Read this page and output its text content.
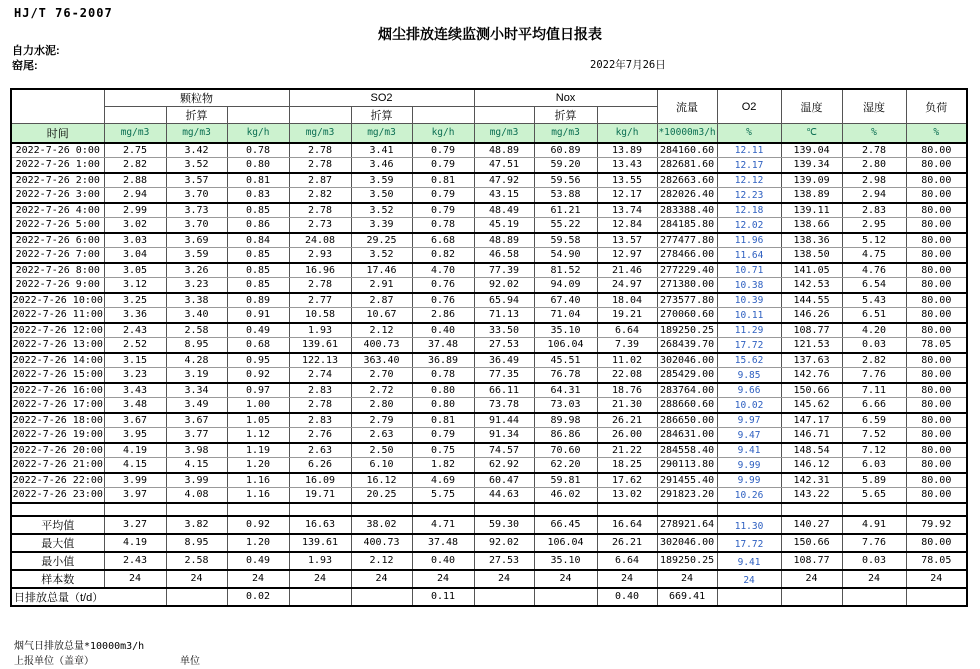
HJ/T 76-2007
烟尘排放连续监测小时平均值日报表
自力水泥:
窑尾:	2022年7月26日
	颗粒物			SO2			Nox			流量	O2	温度	湿度	负荷
		折算			折算			折算						
时间	mg/m3	mg/m3	kg/h	mg/m3	mg/m3	kg/h	mg/m3	mg/m3	kg/h	*10000m3/h	%	℃	%	%
2022-7-26 0:00	2.75	3.42	0.78	2.78	3.41	0.79	48.89	60.89	13.89	284160.60	12.11	139.04	2.78	80.00
2022-7-26 1:00	2.82	3.52	0.80	2.78	3.46	0.79	47.51	59.20	13.43	282681.60	12.17	139.34	2.80	80.00
2022-7-26 2:00	2.88	3.57	0.81	2.87	3.59	0.81	47.92	59.56	13.55	282663.60	12.12	139.09	2.98	80.00
2022-7-26 3:00	2.94	3.70	0.83	2.82	3.50	0.79	43.15	53.88	12.17	282026.40	12.23	138.89	2.94	80.00
2022-7-26 4:00	2.99	3.73	0.85	2.78	3.52	0.79	48.49	61.21	13.74	283388.40	12.18	139.11	2.83	80.00
2022-7-26 5:00	3.02	3.70	0.86	2.73	3.39	0.78	45.19	55.22	12.84	284185.80	12.02	138.66	2.95	80.00
2022-7-26 6:00	3.03	3.69	0.84	24.08	29.25	6.68	48.89	59.58	13.57	277477.80	11.96	138.36	5.12	80.00
2022-7-26 7:00	3.04	3.59	0.85	2.93	3.52	0.82	46.58	54.90	12.97	278466.00	11.64	138.50	4.75	80.00
2022-7-26 8:00	3.05	3.26	0.85	16.96	17.46	4.70	77.39	81.52	21.46	277229.40	10.71	141.05	4.76	80.00
2022-7-26 9:00	3.12	3.23	0.85	2.78	2.91	0.76	92.02	94.09	24.97	271380.00	10.38	142.53	6.54	80.00
2022-7-26 10:00	3.25	3.38	0.89	2.77	2.87	0.76	65.94	67.40	18.04	273577.80	10.39	144.55	5.43	80.00
2022-7-26 11:00	3.36	3.40	0.91	10.58	10.67	2.86	71.13	71.04	19.21	270060.60	10.11	146.26	6.51	80.00
2022-7-26 12:00	2.43	2.58	0.49	1.93	2.12	0.40	33.50	35.10	6.64	189250.25	11.29	108.77	4.20	80.00
2022-7-26 13:00	2.52	8.95	0.68	139.61	400.73	37.48	27.53	106.04	7.39	268439.70	17.72	121.53	0.03	78.05
2022-7-26 14:00	3.15	4.28	0.95	122.13	363.40	36.89	36.49	45.51	11.02	302046.00	15.62	137.63	2.82	80.00
2022-7-26 15:00	3.23	3.19	0.92	2.74	2.70	0.78	77.35	76.78	22.08	285429.00	9.85	142.76	7.76	80.00
2022-7-26 16:00	3.43	3.34	0.97	2.83	2.72	0.80	66.11	64.31	18.76	283764.00	9.66	150.66	7.11	80.00
2022-7-26 17:00	3.48	3.49	1.00	2.78	2.80	0.80	73.78	73.03	21.30	288660.60	10.02	145.62	6.66	80.00
2022-7-26 18:00	3.67	3.67	1.05	2.83	2.79	0.81	91.44	89.98	26.21	286650.00	9.97	147.17	6.59	80.00
2022-7-26 19:00	3.95	3.77	1.12	2.76	2.63	0.79	91.34	86.86	26.00	284631.00	9.47	146.71	7.52	80.00
2022-7-26 20:00	4.19	3.98	1.19	2.63	2.50	0.75	74.57	70.60	21.22	284558.40	9.41	148.54	7.12	80.00
2022-7-26 21:00	4.15	4.15	1.20	6.26	6.10	1.82	62.92	62.20	18.25	290113.80	9.99	146.12	6.03	80.00
2022-7-26 22:00	3.99	3.99	1.16	16.09	16.12	4.69	60.47	59.81	17.62	291455.40	9.99	142.31	5.89	80.00
2022-7-26 23:00	3.97	4.08	1.16	19.71	20.25	5.75	44.63	46.02	13.02	291823.20	10.26	143.22	5.65	80.00

平均值	3.27	3.82	0.92	16.63	38.02	4.71	59.30	66.45	16.64	278921.64	11.30	140.27	4.91	79.92
最大值	4.19	8.95	1.20	139.61	400.73	37.48	92.02	106.04	26.21	302046.00	17.72	150.66	7.76	80.00
最小值	2.43	2.58	0.49	1.93	2.12	0.40	27.53	35.10	6.64	189250.25	9.41	108.77	0.03	78.05
样本数	24	24	24	24	24	24	24	24	24	24	24	24	24	24
日排放总量（t/d）			0.02			0.11			0.40	669.41				
烟气日排放总量*10000m3/h
上报单位（盖章）	单位
